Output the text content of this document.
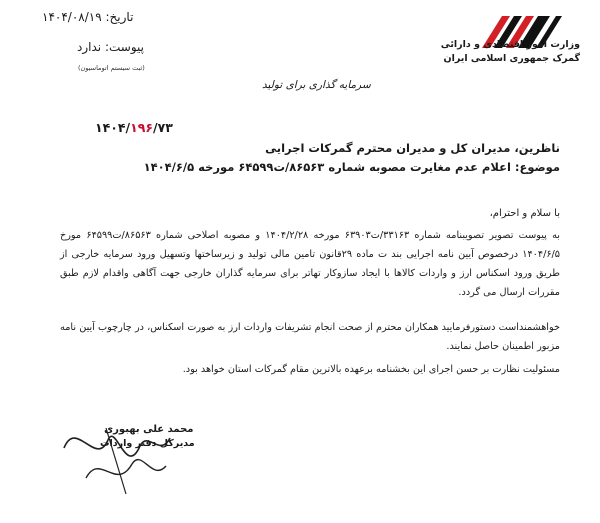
وزارت امور اقتصادی و دارائی
گمرک جمهوری اسلامی ایران
تاریخ: ۱۴۰۴/۰۸/۱۹
پیوست: ندارد
(ثبت سیستم اتوماسیون)
سرمایه گذاری برای تولید
۱۴۰۴/۱۹۶/۷۳
ناظرین، مدیران کل و مدیران محترم گمرکات اجرایی
موضوع: اعلام عدم مغایرت مصوبه شماره ۸۶۵۶۳/ت۶۴۵۹۹ مورخه ۱۴۰۴/۶/۵
با سلام و احترام،
به پیوست تصویر تصویبنامه شماره ۳۳۱۶۳/ت۶۳۹۰۳ مورخه ۱۴۰۴/۲/۲۸ و مصوبه اصلاحی شماره ۸۶۵۶۳/ت۶۴۵۹۹ مورخ ۱۴۰۴/۶/۵ درخصوص آیین نامه اجرایی بند ت ماده ۲۹قانون تامین مالی تولید و زیرساختها وتسهیل ورود سرمایه خارجی از طریق ورود اسکناس ارز و واردات کالاها با ایجاد سازوکار تهاتر برای سرمایه گذاران خارجی جهت آگاهی واقدام لازم طبق مقررات ارسال می گردد.
خواهشمنداست دستورفرمایید همکاران محترم از صحت انجام تشریفات واردات ارز به صورت اسکناس، در چارچوب آیین نامه مزبور اطمینان حاصل نمایند.
مسئولیت نظارت بر حسن اجرای این بخشنامه برعهده بالاترین مقام گمرکات استان خواهد بود.
محمد علی بهبوری
مدیرکل دفتر واردات
